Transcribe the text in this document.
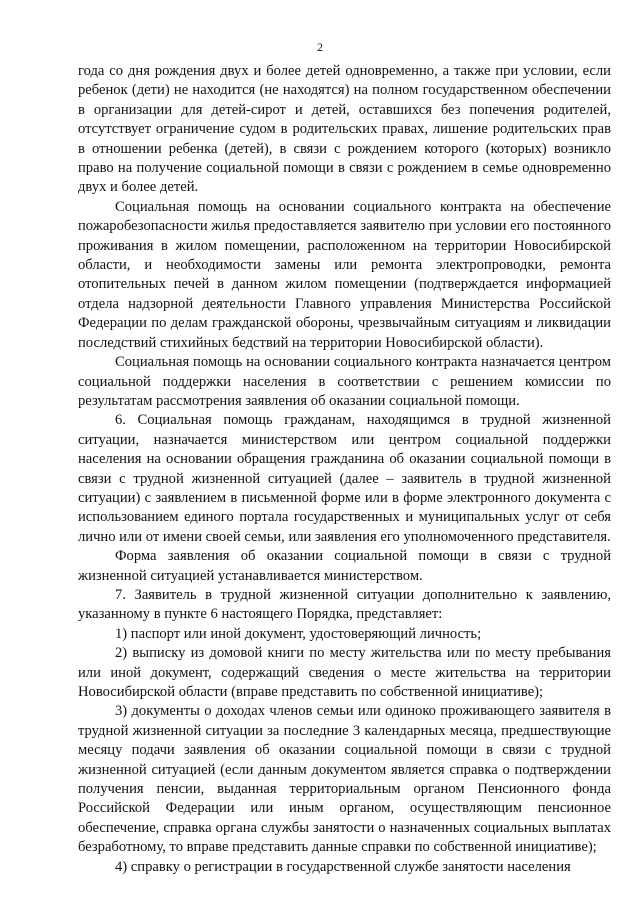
2

года со дня рождения двух и более детей одновременно, а также при условии, если ребенок (дети) не находится (не находятся) на полном государственном обеспечении в организации для детей-сирот и детей, оставшихся без попечения родителей, отсутствует ограничение судом в родительских правах, лишение родительских прав в отношении ребенка (детей), в связи с рождением которого (которых) возникло право на получение социальной помощи в связи с рождением в семье одновременно двух и более детей.

Социальная помощь на основании социального контракта на обеспечение пожаробезопасности жилья предоставляется заявителю при условии его постоянного проживания в жилом помещении, расположенном на территории Новосибирской области, и необходимости замены или ремонта электропроводки, ремонта отопительных печей в данном жилом помещении (подтверждается информацией отдела надзорной деятельности Главного управления Министерства Российской Федерации по делам гражданской обороны, чрезвычайным ситуациям и ликвидации последствий стихийных бедствий на территории Новосибирской области).

Социальная помощь на основании социального контракта назначается центром социальной поддержки населения в соответствии с решением комиссии по результатам рассмотрения заявления об оказании социальной помощи.

6. Социальная помощь гражданам, находящимся в трудной жизненной ситуации, назначается министерством или центром социальной поддержки населения на основании обращения гражданина об оказании социальной помощи в связи с трудной жизненной ситуацией (далее – заявитель в трудной жизненной ситуации) с заявлением в письменной форме или в форме электронного документа с использованием единого портала государственных и муниципальных услуг от себя лично или от имени своей семьи, или заявления его уполномоченного представителя.

Форма заявления об оказании социальной помощи в связи с трудной жизненной ситуацией устанавливается министерством.

7. Заявитель в трудной жизненной ситуации дополнительно к заявлению, указанному в пункте 6 настоящего Порядка, представляет:

1) паспорт или иной документ, удостоверяющий личность;

2) выписку из домовой книги по месту жительства или по месту пребывания или иной документ, содержащий сведения о месте жительства на территории Новосибирской области (вправе представить по собственной инициативе);

3) документы о доходах членов семьи или одиноко проживающего заявителя в трудной жизненной ситуации за последние 3 календарных месяца, предшествующие месяцу подачи заявления об оказании социальной помощи в связи с трудной жизненной ситуацией (если данным документом является справка о подтверждении получения пенсии, выданная территориальным органом Пенсионного фонда Российской Федерации или иным органом, осуществляющим пенсионное обеспечение, справка органа службы занятости о назначенных социальных выплатах безработному, то вправе представить данные справки по собственной инициативе);

4) справку о регистрации в государственной службе занятости населения
